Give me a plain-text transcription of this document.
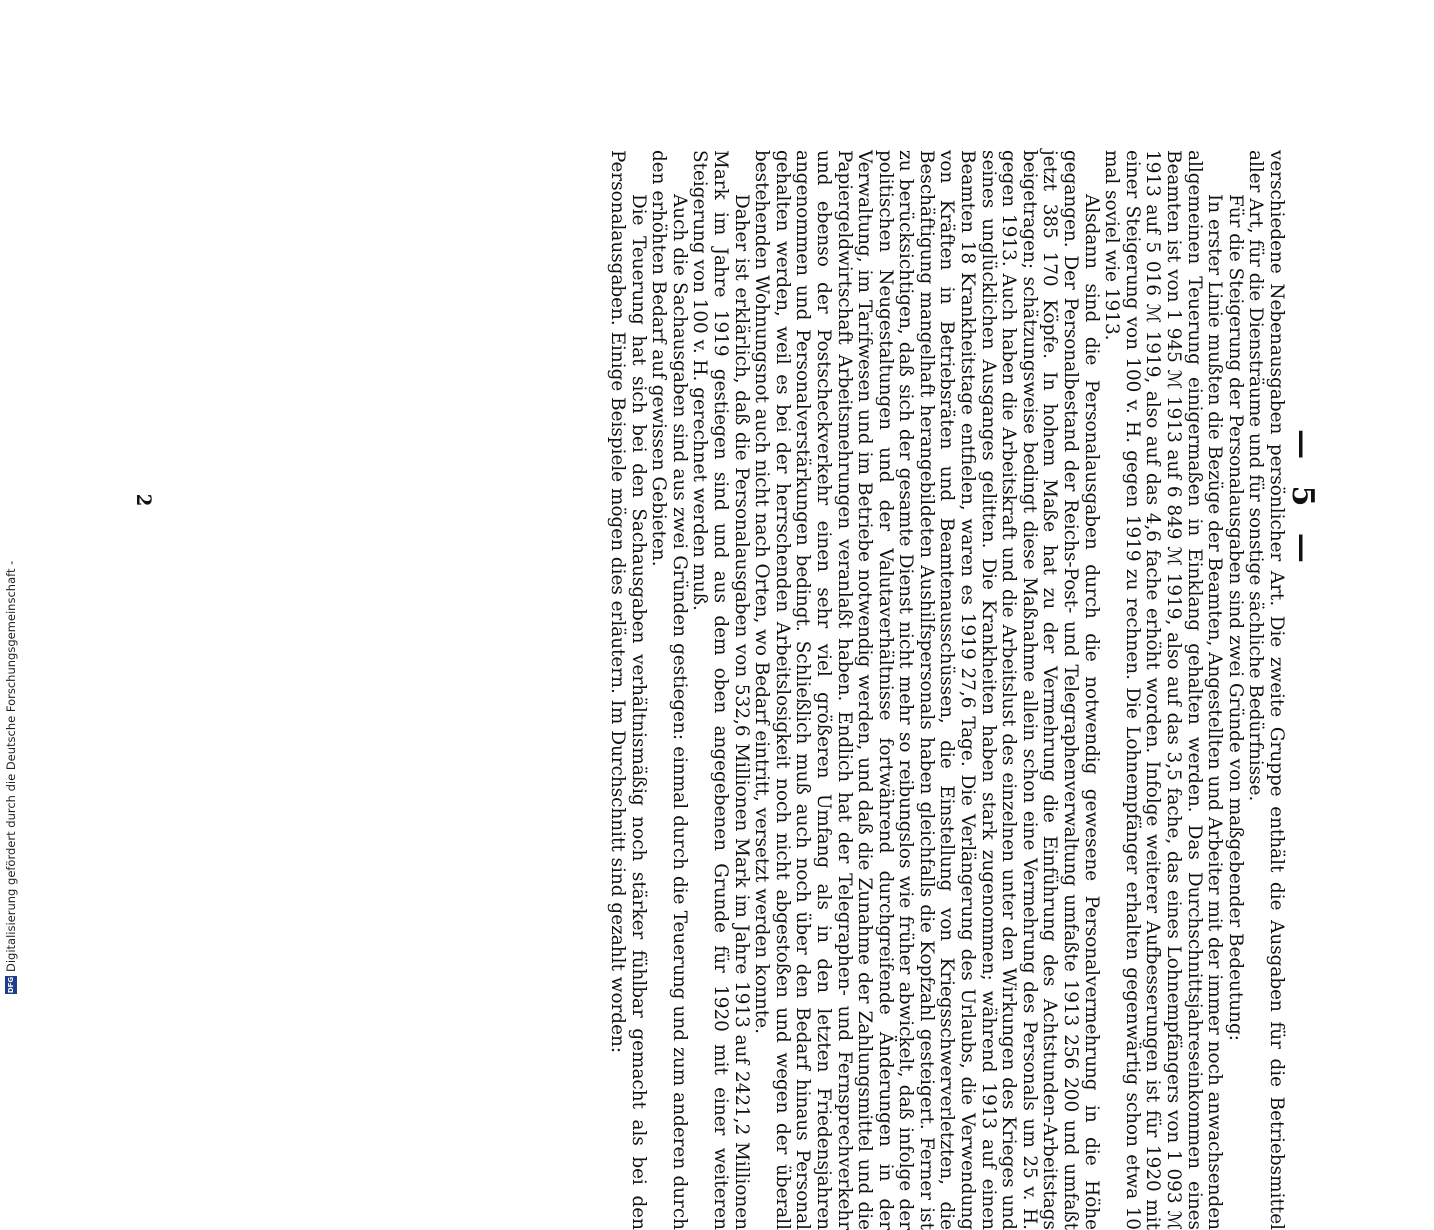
— 5 —

verschiedene Nebenausgaben persönlicher Art. Die zweite Gruppe enthält die Ausgaben für die Betriebsmittel aller Art, für die Diensträume und für sonstige sächliche Bedürfnisse.

Für die Steigerung der Personalausgaben sind zwei Gründe von maßgebender Bedeutung:

In erster Linie mußten die Bezüge der Beamten, Angestellten und Arbeiter mit der immer noch anwachsenden allgemeinen Teuerung einigermaßen in Einklang gehalten werden. Das Durchschnittsjahreseinkommen eines Beamten ist von 1 945 ℳ 1913 auf 6 849 ℳ 1919, also auf das 3,5 fache, das eines Lohnempfängers von 1 093 ℳ 1913 auf 5 016 ℳ 1919, also auf das 4,6 fache erhöht worden. Infolge weiterer Aufbesserungen ist für 1920 mit einer Steigerung von 100 v. H. gegen 1919 zu rechnen. Die Lohnempfänger erhalten gegenwärtig schon etwa 10 mal soviel wie 1913.

Alsdann sind die Personalausgaben durch die notwendig gewesene Personalvermehrung in die Höhe gegangen. Der Personalbestand der Reichs-Post- und Telegraphenverwaltung umfaßte 1913 256 200 und umfaßt jetzt 385 170 Köpfe. In hohem Maße hat zu der Vermehrung die Einführung des Achtstunden-Arbeitstags beigetragen; schätzungsweise bedingt diese Maßnahme allein schon eine Vermehrung des Personals um 25 v. H. gegen 1913. Auch haben die Arbeitskraft und die Arbeitslust des einzelnen unter den Wirkungen des Krieges und seines unglücklichen Ausganges gelitten. Die Krankheiten haben stark zugenommen; während 1913 auf einen Beamten 18 Krankheitstage entfielen, waren es 1919 27,6 Tage. Die Verlängerung des Urlaubs, die Verwendung von Kräften in Betriebsräten und Beamtenausschüssen, die Einstellung von Kriegsschwerverletzten, die Beschäftigung mangelhaft herangebildeten Aushilfspersonals haben gleichfalls die Kopfzahl gesteigert. Ferner ist zu berücksichtigen, daß sich der gesamte Dienst nicht mehr so reibungslos wie früher abwickelt, daß infolge der politischen Neugestaltungen und der Valutaverhältnisse fortwährend durchgreifende Änderungen in der Verwaltung, im Tarifwesen und im Betriebe notwendig werden, und daß die Zunahme der Zahlungsmittel und die Papiergeldwirtschaft Arbeitsmehrungen veranlaßt haben. Endlich hat der Telegraphen- und Fernsprechverkehr und ebenso der Postscheckverkehr einen sehr viel größeren Umfang als in den letzten Friedensjahren angenommen und Personalverstärkungen bedingt. Schließlich muß auch noch über den Bedarf hinaus Personal gehalten werden, weil es bei der herrschenden Arbeitslosigkeit noch nicht abgestoßen und wegen der überall bestehenden Wohnungsnot auch nicht nach Orten, wo Bedarf eintritt, versetzt werden konnte.

Daher ist erklärlich, daß die Personalausgaben von 532,6 Millionen Mark im Jahre 1913 auf 2421,2 Millionen Mark im Jahre 1919 gestiegen sind und aus dem oben angegebenen Grunde für 1920 mit einer weiteren Steigerung von 100 v. H. gerechnet werden muß.

Auch die Sachausgaben sind aus zwei Gründen gestiegen: einmal durch die Teuerung und zum anderen durch den erhöhten Bedarf auf gewissen Gebieten.

Die Teuerung hat sich bei den Sachausgaben verhältnismäßig noch stärker fühlbar gemacht als bei den Personalausgaben. Einige Beispiele mögen dies erläutern. Im Durchschnitt sind gezahlt worden:

2
DFG
Digitalisierung gefördert durch die Deutsche Forschungsgemeinschaft -
